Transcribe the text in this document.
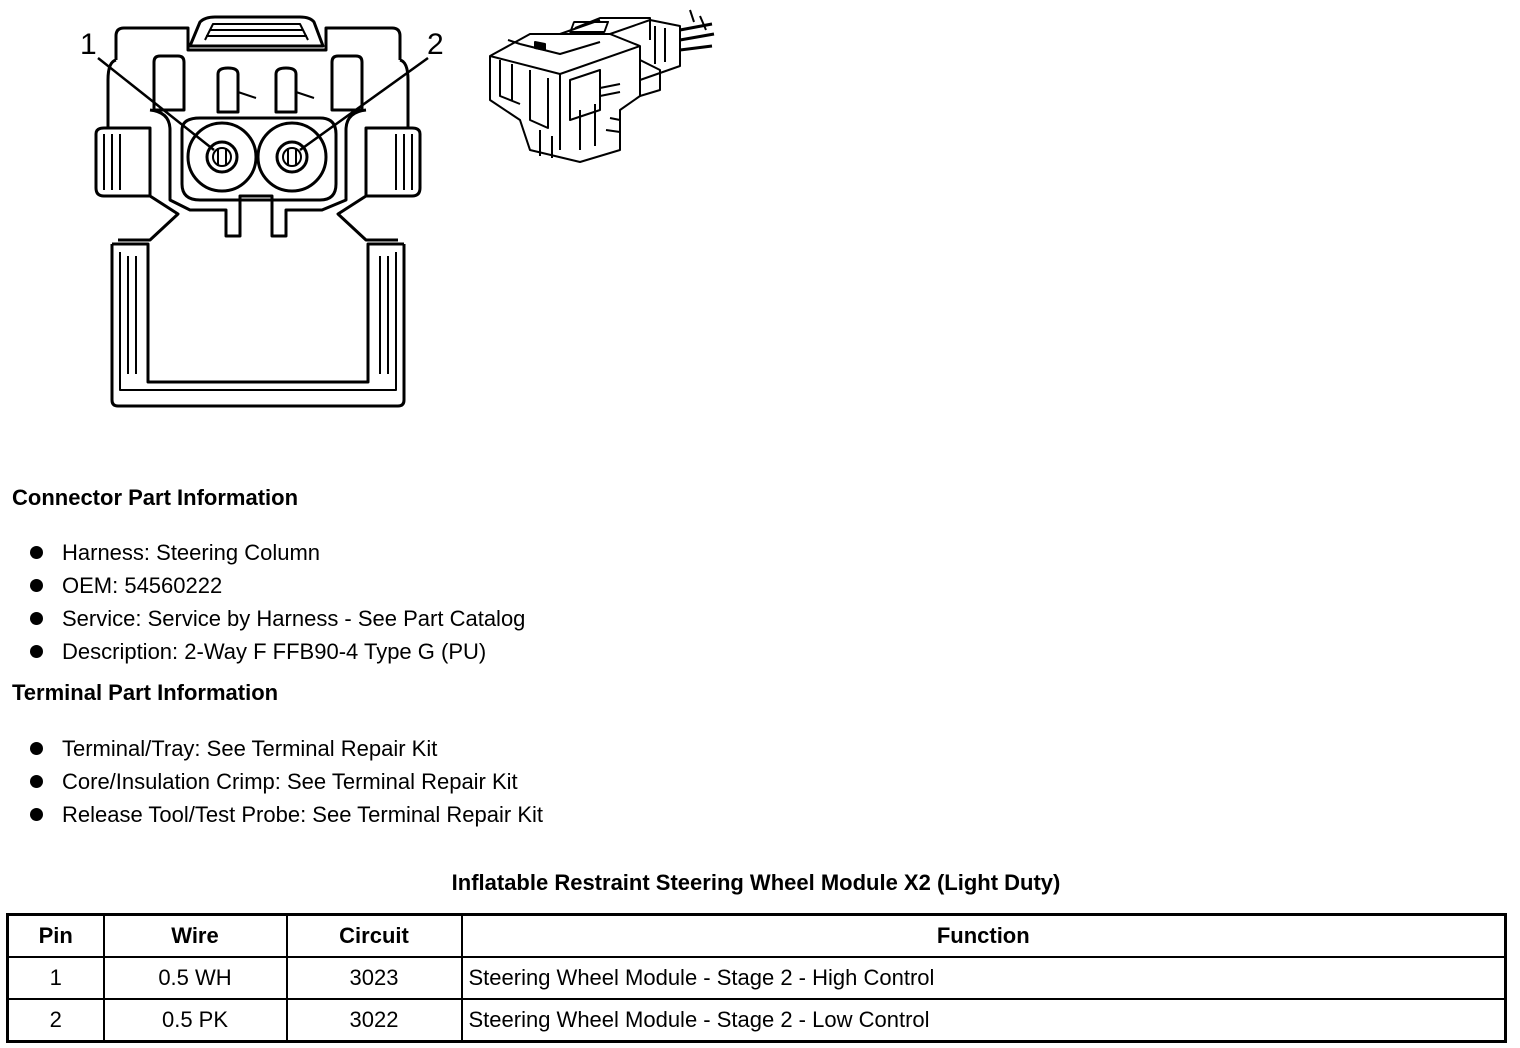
1	2
Connector Part Information
Harness: Steering Column
OEM: 54560222
Service: Service by Harness - See Part Catalog
Description: 2-Way F FFB90-4 Type G (PU)
Terminal Part Information
Terminal/Tray: See Terminal Repair Kit
Core/Insulation Crimp: See Terminal Repair Kit
Release Tool/Test Probe: See Terminal Repair Kit
Inflatable Restraint Steering Wheel Module X2 (Light Duty)
Pin	Wire	Circuit	Function
1	0.5 WH	3023	Steering Wheel Module - Stage 2 - High Control
2	0.5 PK	3022	Steering Wheel Module - Stage 2 - Low Control
